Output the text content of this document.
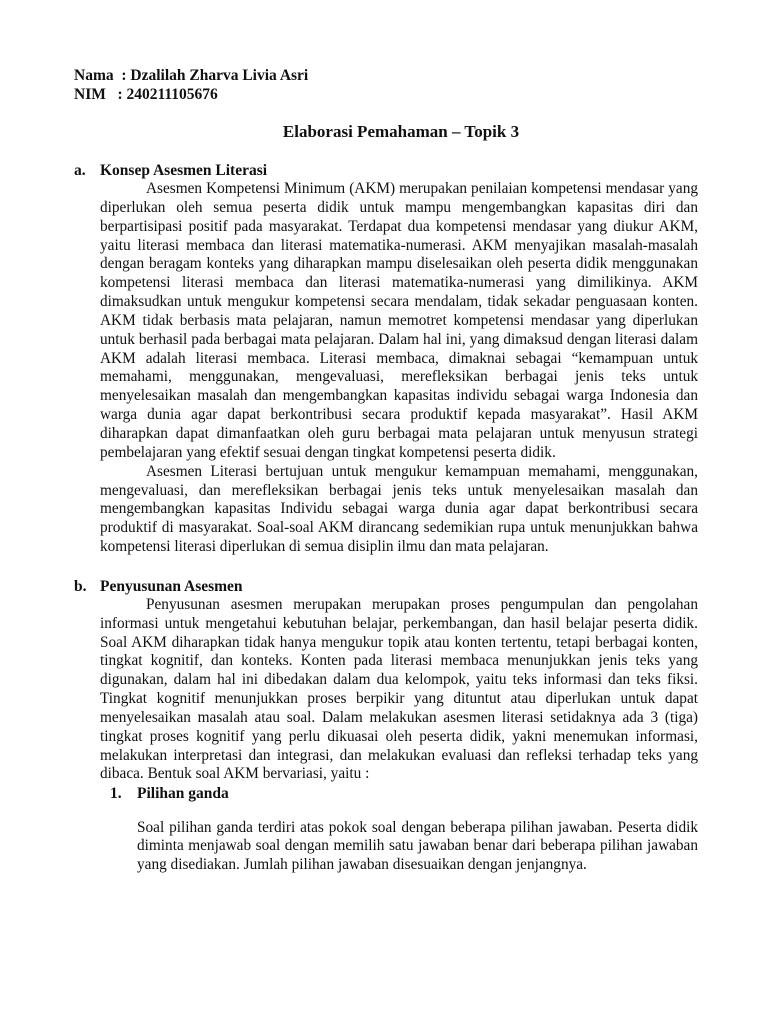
Nama  : Dzalilah Zharva Livia Asri
NIM   : 240211105676
Elaborasi Pemahaman – Topik 3
a. Konsep Asesmen Literasi

Asesmen Kompetensi Minimum (AKM) merupakan penilaian kompetensi mendasar yang diperlukan oleh semua peserta didik untuk mampu mengembangkan kapasitas diri dan berpartisipasi positif pada masyarakat. Terdapat dua kompetensi mendasar yang diukur AKM, yaitu literasi membaca dan literasi matematika-numerasi. AKM menyajikan masalah-masalah dengan beragam konteks yang diharapkan mampu diselesaikan oleh peserta didik menggunakan kompetensi literasi membaca dan literasi matematika-numerasi yang dimilikinya. AKM dimaksudkan untuk mengukur kompetensi secara mendalam, tidak sekadar penguasaan konten. AKM tidak berbasis mata pelajaran, namun memotret kompetensi mendasar yang diperlukan untuk berhasil pada berbagai mata pelajaran. Dalam hal ini, yang dimaksud dengan literasi dalam AKM adalah literasi membaca. Literasi membaca, dimaknai sebagai “kemampuan untuk memahami, menggunakan, mengevaluasi, merefleksikan berbagai jenis teks untuk menyelesaikan masalah dan mengembangkan kapasitas individu sebagai warga Indonesia dan warga dunia agar dapat berkontribusi secara produktif kepada masyarakat”. Hasil AKM diharapkan dapat dimanfaatkan oleh guru berbagai mata pelajaran untuk menyusun strategi pembelajaran yang efektif sesuai dengan tingkat kompetensi peserta didik.

Asesmen Literasi bertujuan untuk mengukur kemampuan memahami, menggunakan, mengevaluasi, dan merefleksikan berbagai jenis teks untuk menyelesaikan masalah dan mengembangkan kapasitas Individu sebagai warga dunia agar dapat berkontribusi secara produktif di masyarakat. Soal-soal AKM dirancang sedemikian rupa untuk menunjukkan bahwa kompetensi literasi diperlukan di semua disiplin ilmu dan mata pelajaran.

b. Penyusunan Asesmen

Penyusunan asesmen merupakan merupakan proses pengumpulan dan pengolahan informasi untuk mengetahui kebutuhan belajar, perkembangan, dan hasil belajar peserta didik. Soal AKM diharapkan tidak hanya mengukur topik atau konten tertentu, tetapi berbagai konten, tingkat kognitif, dan konteks. Konten pada literasi membaca menunjukkan jenis teks yang digunakan, dalam hal ini dibedakan dalam dua kelompok, yaitu teks informasi dan teks fiksi. Tingkat kognitif menunjukkan proses berpikir yang dituntut atau diperlukan untuk dapat menyelesaikan masalah atau soal. Dalam melakukan asesmen literasi setidaknya ada 3 (tiga) tingkat proses kognitif yang perlu dikuasai oleh peserta didik, yakni menemukan informasi, melakukan interpretasi dan integrasi, dan melakukan evaluasi dan refleksi terhadap teks yang dibaca. Bentuk soal AKM bervariasi, yaitu :

1. Pilihan ganda

Soal pilihan ganda terdiri atas pokok soal dengan beberapa pilihan jawaban. Peserta didik diminta menjawab soal dengan memilih satu jawaban benar dari beberapa pilihan jawaban yang disediakan. Jumlah pilihan jawaban disesuaikan dengan jenjangnya.
